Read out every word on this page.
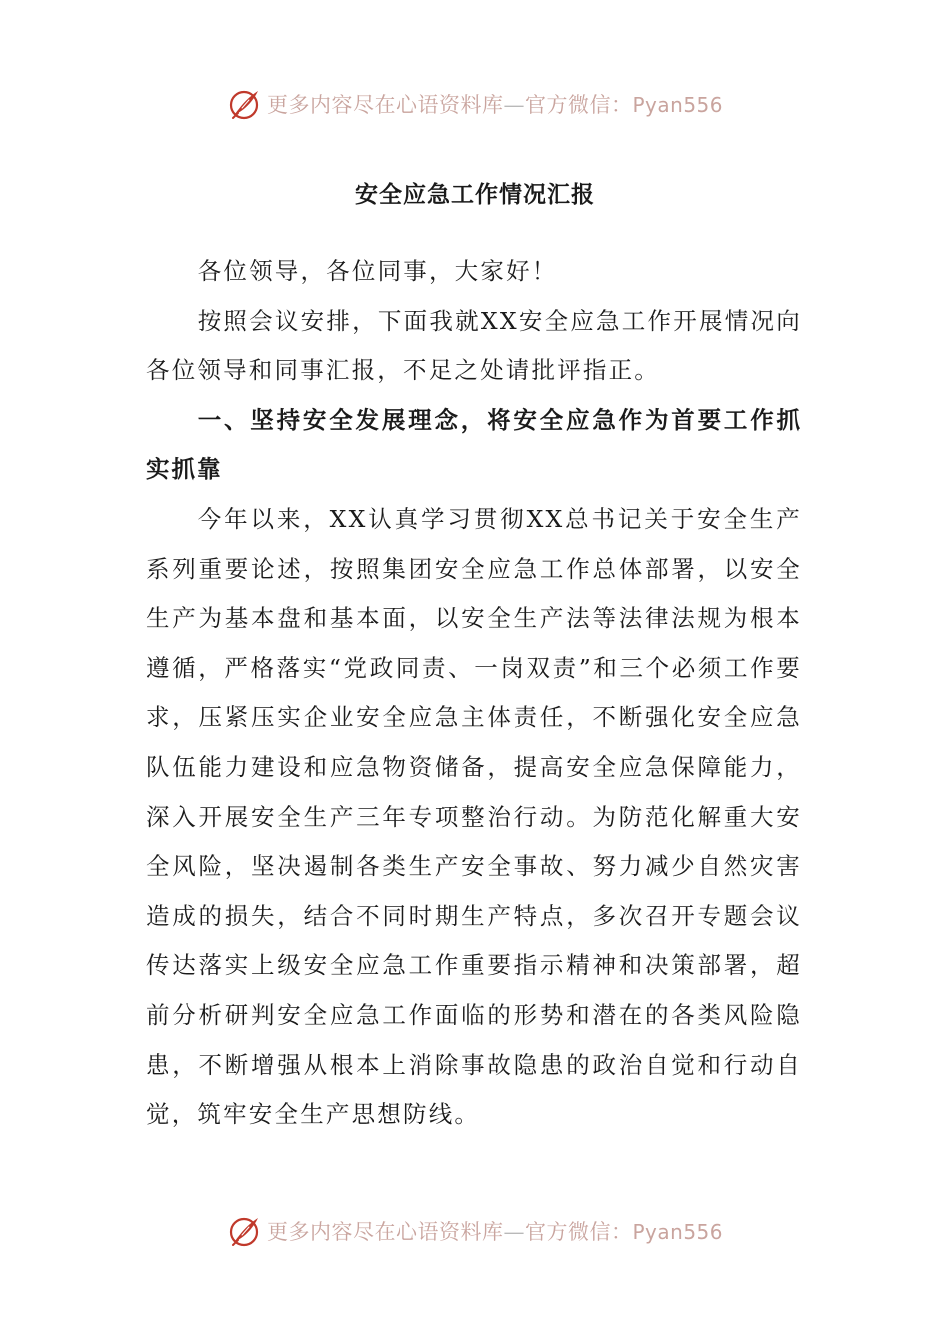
更多内容尽在心语资料库—官方微信：Pyan556
安全应急工作情况汇报

各位领导，各位同事，大家好！

按照会议安排，下面我就XX安全应急工作开展情况向各位领导和同事汇报，不足之处请批评指正。

一、坚持安全发展理念，将安全应急作为首要工作抓实抓靠

今年以来，XX认真学习贯彻XX总书记关于安全生产系列重要论述，按照集团安全应急工作总体部署，以安全生产为基本盘和基本面，以安全生产法等法律法规为根本遵循，严格落实“党政同责、一岗双责”和三个必须工作要求，压紧压实企业安全应急主体责任，不断强化安全应急队伍能力建设和应急物资储备，提高安全应急保障能力，深入开展安全生产三年专项整治行动。为防范化解重大安全风险，坚决遏制各类生产安全事故、努力减少自然灾害造成的损失，结合不同时期生产特点，多次召开专题会议传达落实上级安全应急工作重要指示精神和决策部署，超前分析研判安全应急工作面临的形势和潜在的各类风险隐患，不断增强从根本上消除事故隐患的政治自觉和行动自觉，筑牢安全生产思想防线。

更多内容尽在心语资料库—官方微信：Pyan556
